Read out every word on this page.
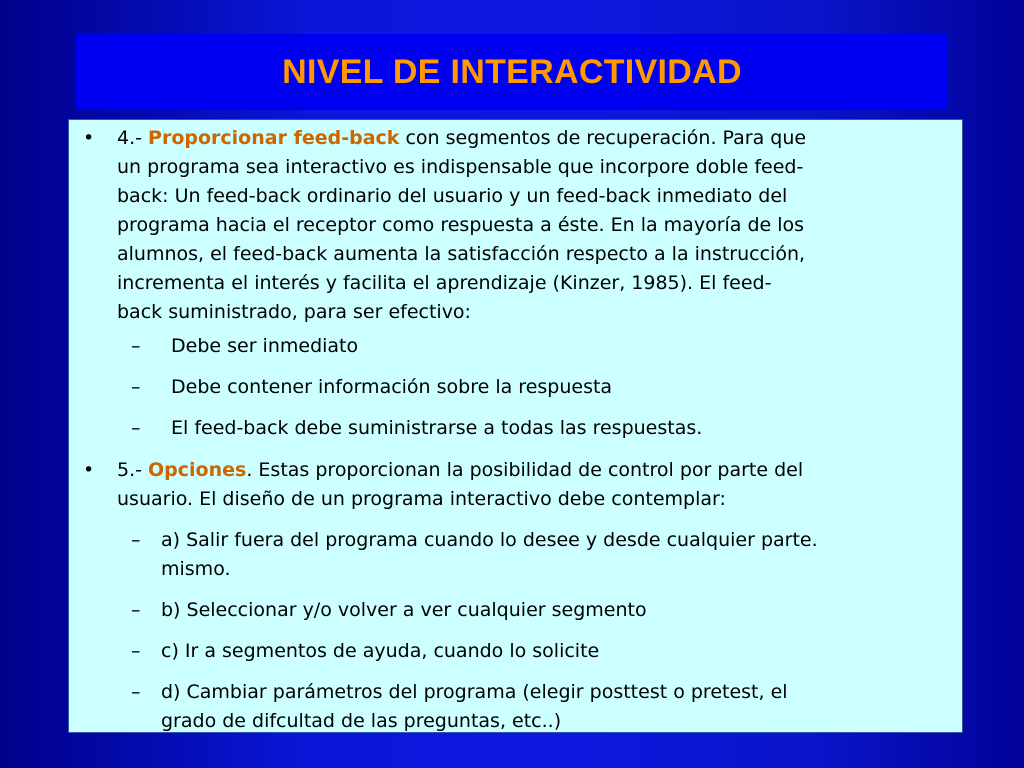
NIVEL DE INTERACTIVIDAD
• 4.- Proporcionar feed-back con segmentos de recuperación. Para que
un programa sea interactivo es indispensable que incorpore doble feed-
back: Un feed-back ordinario del usuario y un feed-back inmediato del
programa hacia el receptor como respuesta a éste. En la mayoría de los
alumnos, el feed-back aumenta la satisfacción respecto a la instrucción,
incrementa el interés y facilita el aprendizaje (Kinzer, 1985). El feed-
back suministrado, para ser efectivo:
– Debe ser inmediato
– Debe contener información sobre la respuesta
– El feed-back debe suministrarse a todas las respuestas.
• 5.- Opciones. Estas proporcionan la posibilidad de control por parte del
usuario. El diseño de un programa interactivo debe contemplar:
– a) Salir fuera del programa cuando lo desee y desde cualquier parte.
mismo.
– b) Seleccionar y/o volver a ver cualquier segmento
– c) Ir a segmentos de ayuda, cuando lo solicite
– d) Cambiar parámetros del programa (elegir posttest o pretest, el
grado de difcultad de las preguntas, etc..)
